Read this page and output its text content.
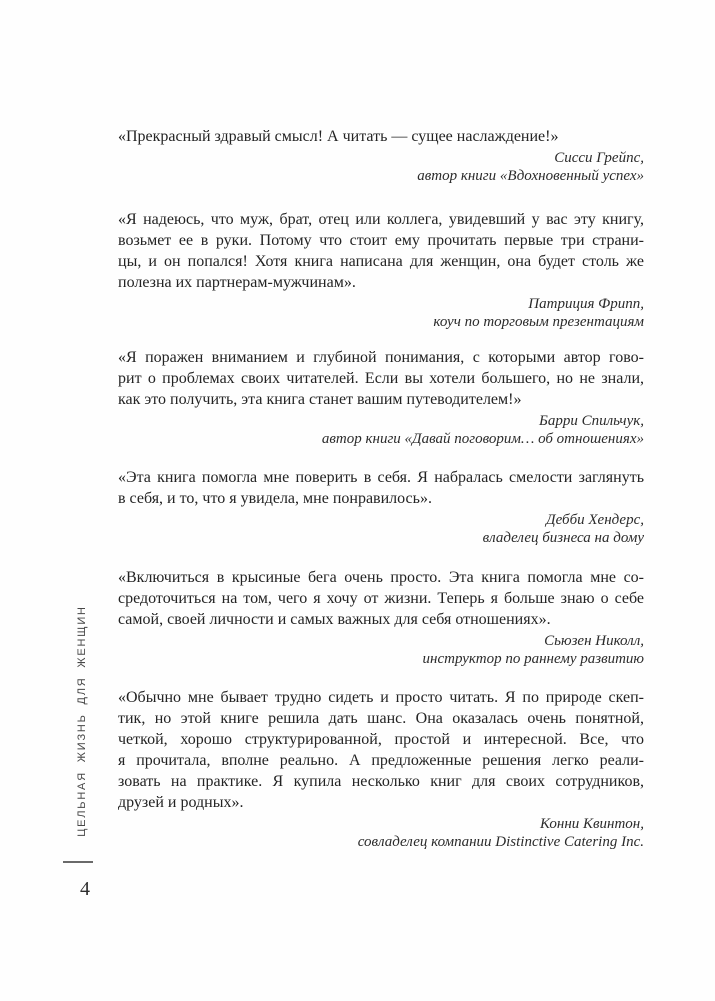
ЦЕЛЬНАЯ ЖИЗНЬ ДЛЯ ЖЕНЩИН
4
«Прекрасный здравый смысл! А читать — сущее наслаждение!»
Сисси Грейпс,
автор книги «Вдохновенный успех»
«Я надеюсь, что муж, брат, отец или коллега, увидевший у вас эту книгу,
возьмет ее в руки. Потому что стоит ему прочитать первые три страни-
цы, и он попался! Хотя книга написана для женщин, она будет столь же
полезна их партнерам-мужчинам».
Патриция Фрипп,
коуч по торговым презентациям
«Я поражен вниманием и глубиной понимания, с которыми автор гово-
рит о проблемах своих читателей. Если вы хотели большего, но не знали,
как это получить, эта книга станет вашим путеводителем!»
Барри Спильчук,
автор книги «Давай поговорим… об отношениях»
«Эта книга помогла мне поверить в себя. Я набралась смелости заглянуть
в себя, и то, что я увидела, мне понравилось».
Дебби Хендерс,
владелец бизнеса на дому
«Включиться в крысиные бега очень просто. Эта книга помогла мне со-
средоточиться на том, чего я хочу от жизни. Теперь я больше знаю о себе
самой, своей личности и самых важных для себя отношениях».
Сьюзен Николл,
инструктор по раннему развитию
«Обычно мне бывает трудно сидеть и просто читать. Я по природе скеп-
тик, но этой книге решила дать шанс. Она оказалась очень понятной,
четкой, хорошо структурированной, простой и интересной. Все, что
я прочитала, вполне реально. А предложенные решения легко реали-
зовать на практике. Я купила несколько книг для своих сотрудников,
друзей и родных».
Конни Квинтон,
совладелец компании Distinctive Catering Inc.
